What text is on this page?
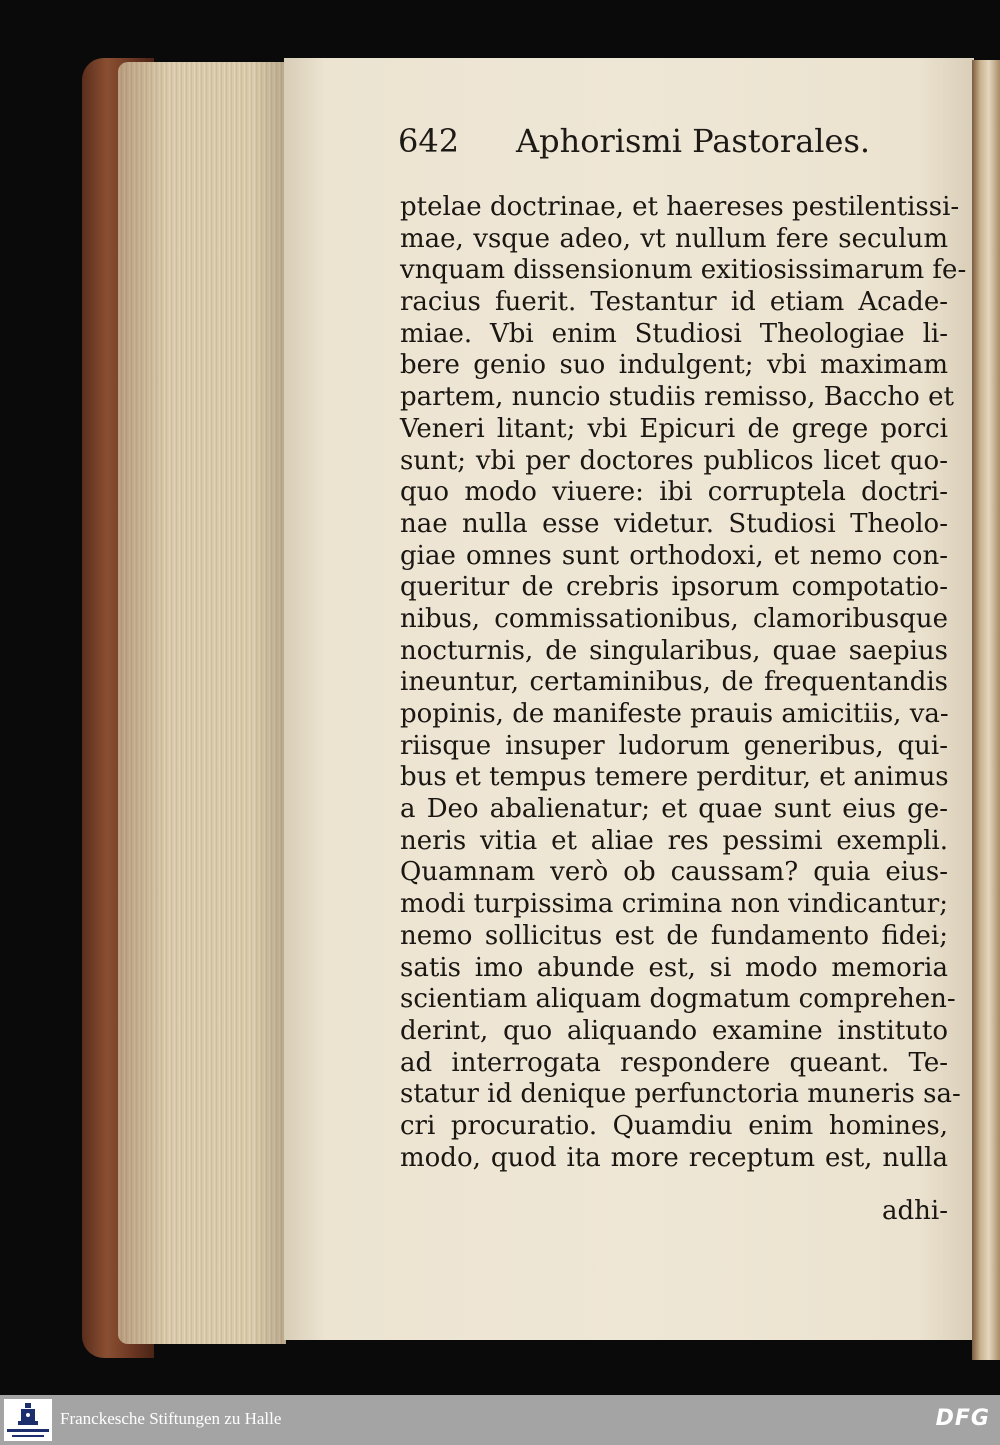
642 Aphorismi Pastorales.
ptelae doctrinae, et haereses pestilentissi-
mae, vsque adeo, vt nullum fere seculum
vnquam dissensionum exitiosissimarum fe-
racius fuerit. Testantur id etiam Acade-
miae. Vbi enim Studiosi Theologiae li-
bere genio suo indulgent; vbi maximam
partem, nuncio studiis remisso, Baccho et
Veneri litant; vbi Epicuri de grege porci
sunt; vbi per doctores publicos licet quo-
quo modo viuere: ibi corruptela doctri-
nae nulla esse videtur. Studiosi Theolo-
giae omnes sunt orthodoxi, et nemo con-
queritur de crebris ipsorum compotatio-
nibus, commissationibus, clamoribusque
nocturnis, de singularibus, quae saepius
ineuntur, certaminibus, de frequentandis
popinis, de manifeste prauis amicitiis, va-
riisque insuper ludorum generibus, qui-
bus et tempus temere perditur, et animus
a Deo abalienatur; et quae sunt eius ge-
neris vitia et aliae res pessimi exempli.
Quamnam verò ob caussam? quia eius-
modi turpissima crimina non vindicantur;
nemo sollicitus est de fundamento fidei;
satis imo abunde est, si modo memoria
scientiam aliquam dogmatum comprehen-
derint, quo aliquando examine instituto
ad interrogata respondere queant. Te-
statur id denique perfunctoria muneris sa-
cri procuratio. Quamdiu enim homines,
modo, quod ita more receptum est, nulla
adhi-
Franckesche Stiftungen zu Halle	DFG
